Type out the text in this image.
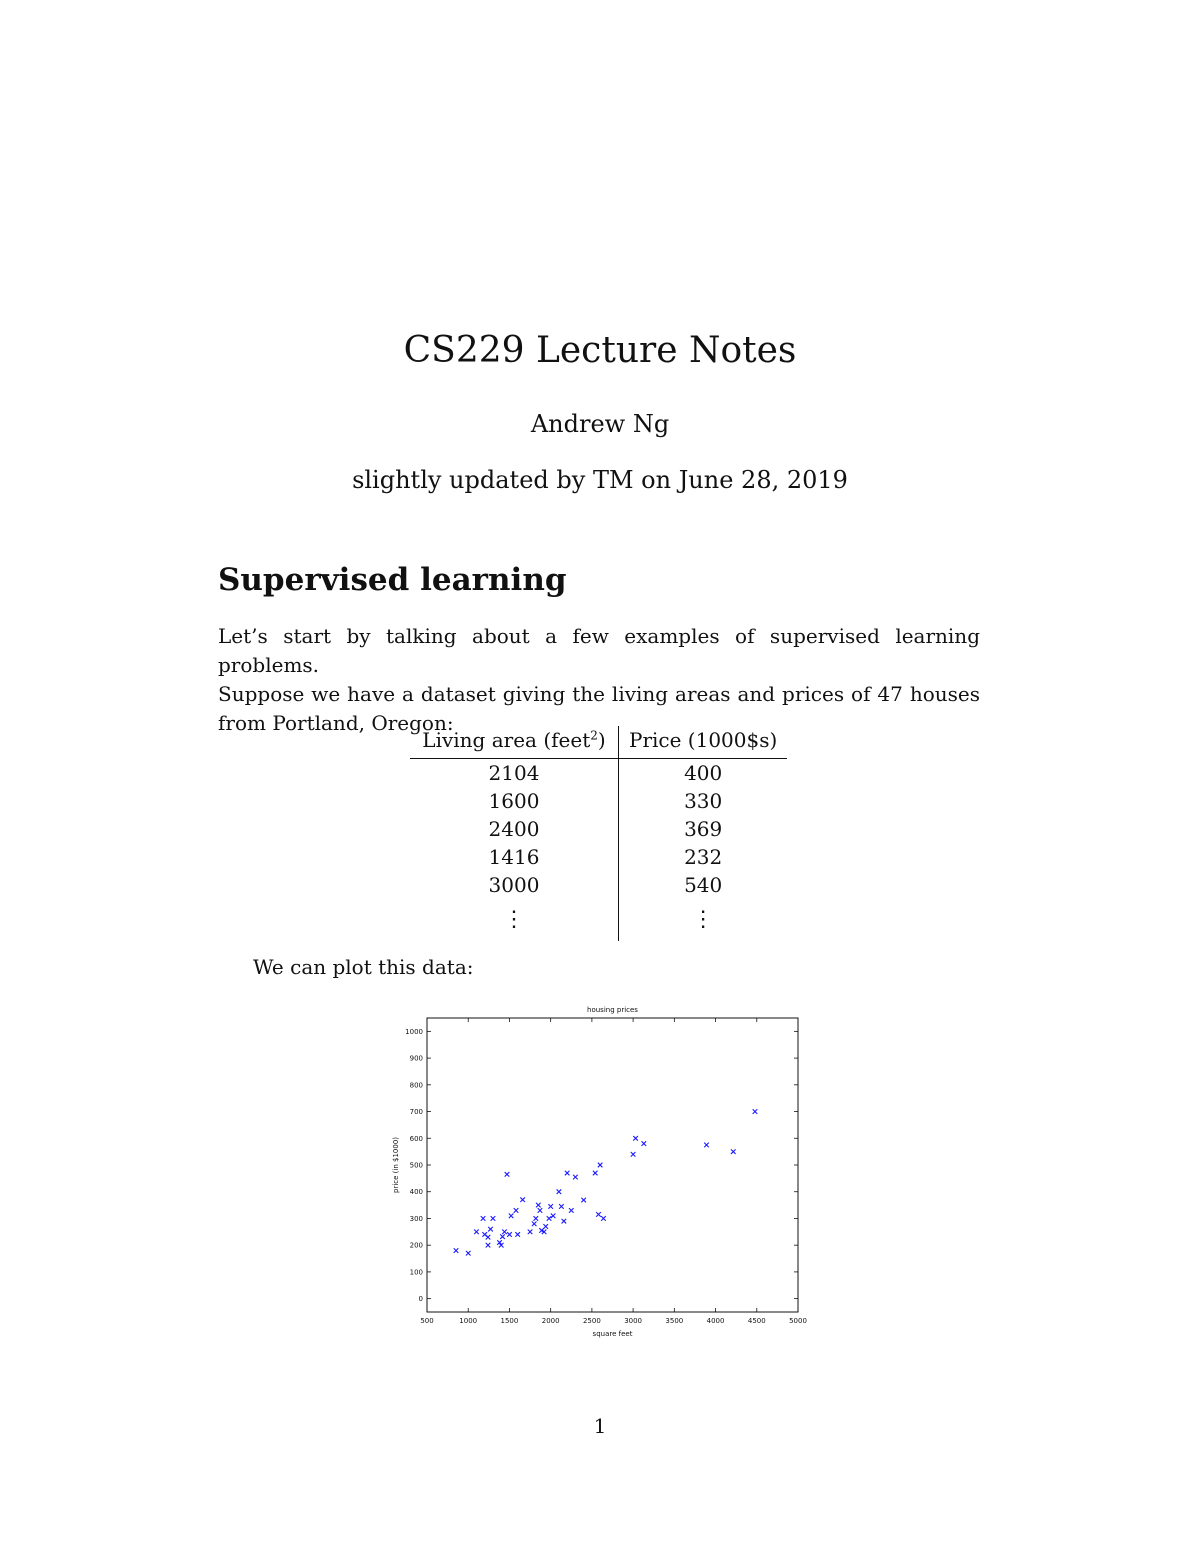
CS229 Lecture Notes
Andrew Ng
slightly updated by TM on June 28, 2019
Supervised learning
Let’s start by talking about a few examples of supervised learning problems.
Suppose we have a dataset giving the living areas and prices of 47 houses
from Portland, Oregon:
Living area (feet$^2$)	Price (1000$s)
2104	400
1600	330
2400	369
1416	232
3000	540
⋮	⋮
We can plot this data:
500	1000	1500	2000	2500	3000	3500	4000	4500	5000
0
100
200
300
400
500
600
700
800
900
1000
housing prices
square feet
price (in $1000)
1
